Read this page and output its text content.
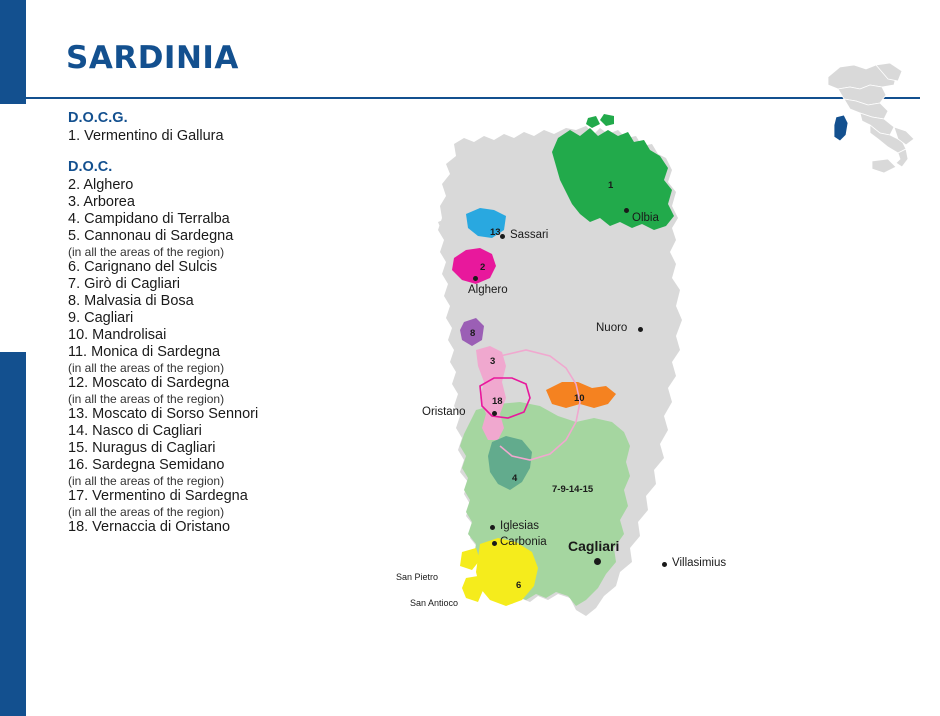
SARDINIA
D.O.C.G.
1. Vermentino di Gallura
D.O.C.
2. Alghero
3. Arborea
4. Campidano di Terralba
5. Cannonau di Sardegna
(in all the areas of the region)
6. Carignano del Sulcis
7. Girò di Cagliari
8. Malvasia di Bosa
9. Cagliari
10. Mandrolisai
11. Monica di Sardegna
(in all the areas of the region)
12. Moscato di Sardegna
(in all the areas of the region)
13. Moscato di Sorso Sennori
14. Nasco di Cagliari
15. Nuragus di Cagliari
16. Sardegna Semidano
(in all the areas of the region)
17. Vermentino di Sardegna
(in all the areas of the region)
18. Vernaccia di Oristano
Olbia
Sassari
Alghero
Nuoro
Oristano
Iglesias
Carbonia Cagliari
Villasimius
San Pietro
San Antioco
1
13
2
8
3
18	10
4
7-9-14-15
6
